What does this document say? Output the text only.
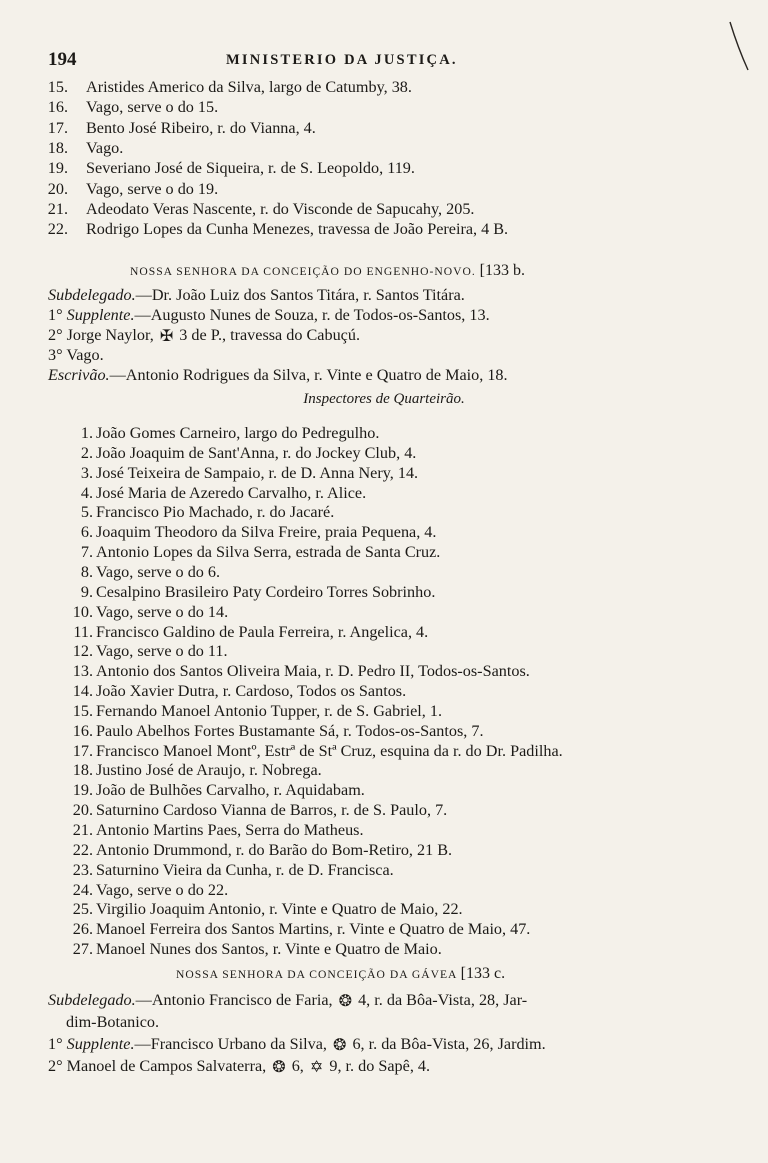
194	MINISTERIO DA JUSTIÇA.
15. Aristides Americo da Silva, largo de Catumby, 38.
16. Vago, serve o do 15.
17. Bento José Ribeiro, r. do Vianna, 4.
18. Vago.
19. Severiano José de Siqueira, r. de S. Leopoldo, 119.
20. Vago, serve o do 19.
21. Adeodato Veras Nascente, r. do Visconde de Sapucahy, 205.
22. Rodrigo Lopes da Cunha Menezes, travessa de João Pereira, 4 B.
NOSSA SENHORA DA CONCEIÇÃO DO ENGENHO-NOVO. [133 b.
Subdelegado.—Dr. João Luiz dos Santos Titára, r. Santos Titára.
1° Supplente.—Augusto Nunes de Souza, r. de Todos-os-Santos, 13.
2° Jorge Naylor, ✠ 3 de P., travessa do Cabuçú.
3° Vago.
Escrivão.—Antonio Rodrigues da Silva, r. Vinte e Quatro de Maio, 18.
Inspectores de Quarteirão.
1. João Gomes Carneiro, largo do Pedregulho.
2. João Joaquim de Sant'Anna, r. do Jockey Club, 4.
3. José Teixeira de Sampaio, r. de D. Anna Nery, 14.
4. José Maria de Azeredo Carvalho, r. Alice.
5. Francisco Pio Machado, r. do Jacaré.
6. Joaquim Theodoro da Silva Freire, praia Pequena, 4.
7. Antonio Lopes da Silva Serra, estrada de Santa Cruz.
8. Vago, serve o do 6.
9. Cesalpino Brasileiro Paty Cordeiro Torres Sobrinho.
10. Vago, serve o do 14.
11. Francisco Galdino de Paula Ferreira, r. Angelica, 4.
12. Vago, serve o do 11.
13. Antonio dos Santos Oliveira Maia, r. D. Pedro II, Todos-os-Santos.
14. João Xavier Dutra, r. Cardoso, Todos os Santos.
15. Fernando Manoel Antonio Tupper, r. de S. Gabriel, 1.
16. Paulo Abelhos Fortes Bustamante Sá, r. Todos-os-Santos, 7.
17. Francisco Manoel Montº, Estrª de Stª Cruz, esquina da r. do Dr. Padilha.
18. Justino José de Araujo, r. Nobrega.
19. João de Bulhões Carvalho, r. Aquidabam.
20. Saturnino Cardoso Vianna de Barros, r. de S. Paulo, 7.
21. Antonio Martins Paes, Serra do Matheus.
22. Antonio Drummond, r. do Barão do Bom-Retiro, 21 B.
23. Saturnino Vieira da Cunha, r. de D. Francisca.
24. Vago, serve o do 22.
25. Virgilio Joaquim Antonio, r. Vinte e Quatro de Maio, 22.
26. Manoel Ferreira dos Santos Martins, r. Vinte e Quatro de Maio, 47.
27. Manoel Nunes dos Santos, r. Vinte e Quatro de Maio.
NOSSA SENHORA DA CONCEIÇÃO DA GÁVEA [133 c.
Subdelegado.—Antonio Francisco de Faria, ❂ 4, r. da Bôa-Vista, 28, Jar-
dim-Botanico.
1° Supplente.—Francisco Urbano da Silva, ❂ 6, r. da Bôa-Vista, 26, Jardim.
2° Manoel de Campos Salvaterra, ❂ 6, ✡ 9, r. do Sapê, 4.
